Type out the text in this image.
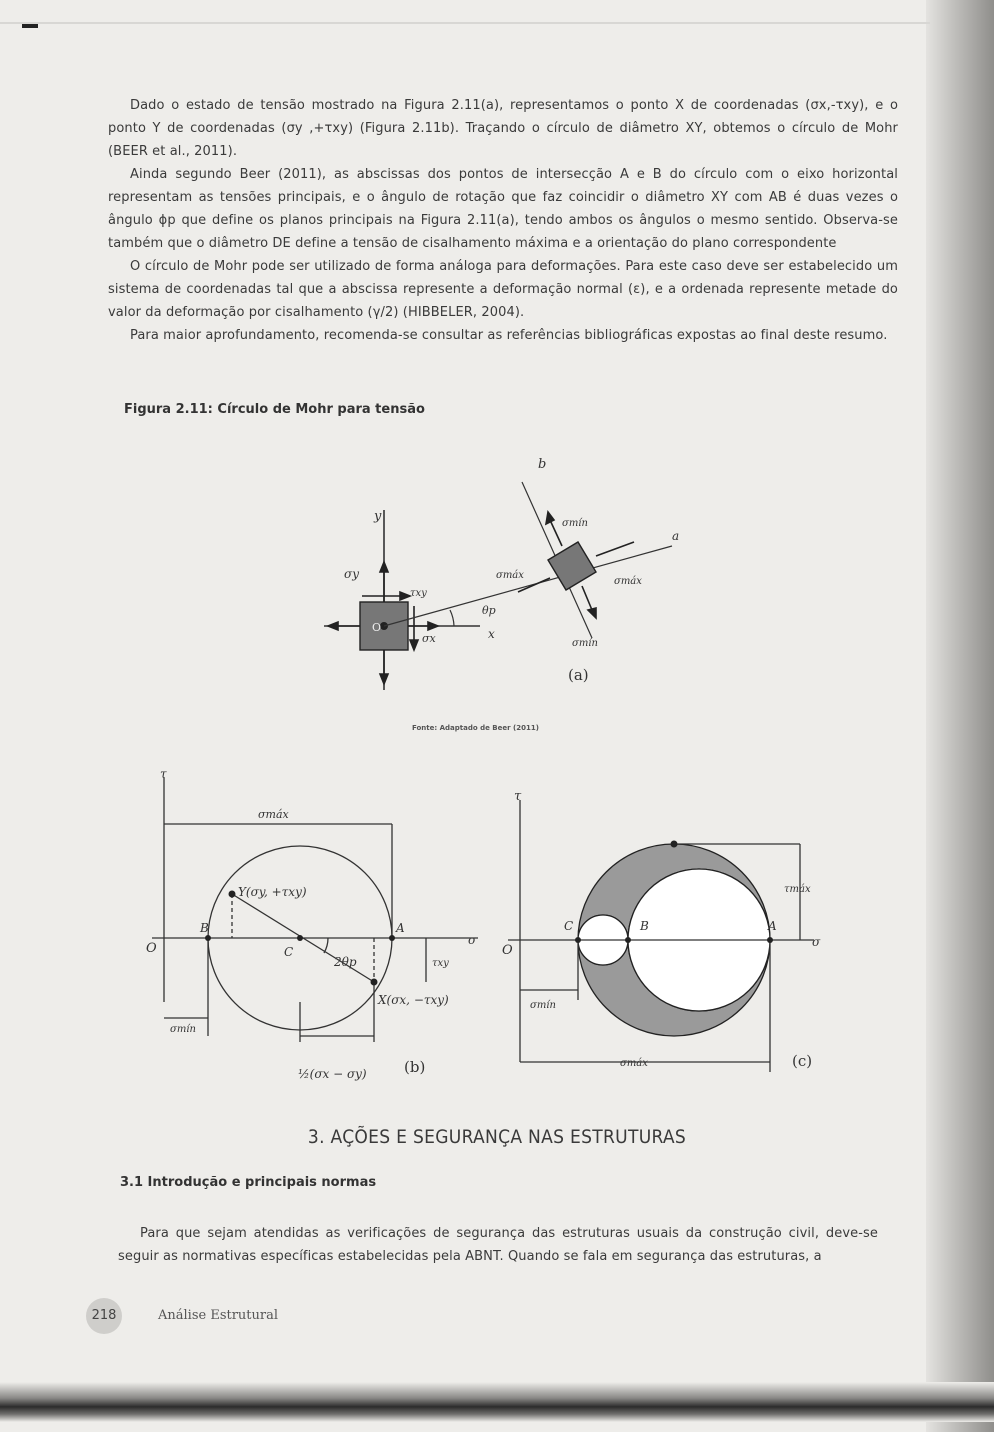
Dado o estado de tensão mostrado na Figura 2.11(a), representamos o ponto X de coordenadas (σx,-τxy), e o ponto Y de coordenadas (σy ,+τxy) (Figura 2.11b). Traçando o círculo de diâmetro XY, obtemos o círculo de Mohr (BEER et al., 2011).

Ainda segundo Beer (2011), as abscissas dos pontos de intersecção A e B do círculo com o eixo horizontal representam as tensões principais, e o ângulo de rotação que faz coincidir o diâmetro XY com AB é duas vezes o ângulo ϕp que define os planos principais na Figura 2.11(a), tendo ambos os ângulos o mesmo sentido. Observa-se também que o diâmetro DE define a tensão de cisalhamento máxima e a orientação do plano correspondente

O círculo de Mohr pode ser utilizado de forma análoga para deformações. Para este caso deve ser estabelecido um sistema de coordenadas tal que a abscissa represente a deformação normal (ε), e a ordenada represente metade do valor da deformação por cisalhamento (γ/2) (HIBBELER, 2004).

Para maior aprofundamento, recomenda-se consultar as referências bibliográficas expostas ao final deste resumo.

Figura 2.11: Círculo de Mohr para tensão
y
x
a
b
O
σy
τxy
σx
θp
σmáx
σmáx
σmín
σmín
(a)
Fonte: Adaptado de Beer (2011)
τ
σ
O
B
C
A
Y(σy, +τxy)
X(σx, −τxy)
σmáx
σmín
2θp	τxy
½(σx − σy) (b)
τ
σ
O
C	B	A
τmáx
σmín
σmáx	(c)
3. AÇÕES E SEGURANÇA NAS ESTRUTURAS
3.1 Introdução e principais normas

Para que sejam atendidas as verificações de segurança das estruturas usuais da construção civil, deve-se seguir as normativas específicas estabelecidas pela ABNT. Quando se fala em segurança das estruturas, a

218	Análise Estrutural
